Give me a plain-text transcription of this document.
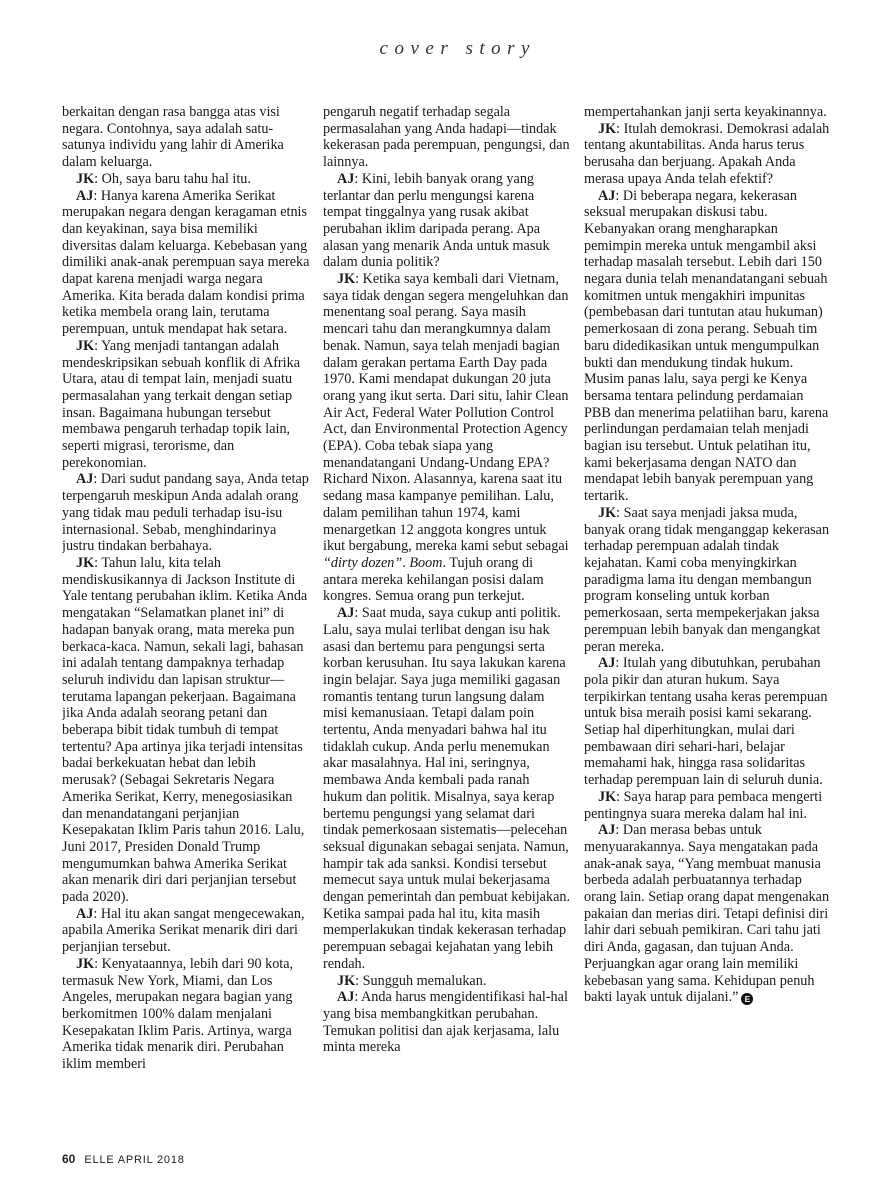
cover story

berkaitan dengan rasa bangga atas visi negara. Contohnya, saya adalah satu-satunya individu yang lahir di Amerika dalam keluarga.

JK: Oh, saya baru tahu hal itu.

AJ: Hanya karena Amerika Serikat merupakan negara dengan keragaman etnis dan keyakinan, saya bisa memiliki diversitas dalam keluarga. Kebebasan yang dimiliki anak-anak perempuan saya mereka dapat karena menjadi warga negara Amerika. Kita berada dalam kondisi prima ketika membela orang lain, terutama perempuan, untuk mendapat hak setara.

JK: Yang menjadi tantangan adalah mendeskripsikan sebuah konflik di Afrika Utara, atau di tempat lain, menjadi suatu permasalahan yang terkait dengan setiap insan. Bagaimana hubungan tersebut membawa pengaruh terhadap topik lain, seperti migrasi, terorisme, dan perekonomian.

AJ: Dari sudut pandang saya, Anda tetap terpengaruh meskipun Anda adalah orang yang tidak mau peduli terhadap isu-isu internasional. Sebab, menghindarinya justru tindakan berbahaya.

JK: Tahun lalu, kita telah mendiskusikannya di Jackson Institute di Yale tentang perubahan iklim. Ketika Anda mengatakan “Selamatkan planet ini” di hadapan banyak orang, mata mereka pun berkaca-kaca. Namun, sekali lagi, bahasan ini adalah tentang dampaknya terhadap seluruh individu dan lapisan struktur—terutama lapangan pekerjaan. Bagaimana jika Anda adalah seorang petani dan beberapa bibit tidak tumbuh di tempat tertentu? Apa artinya jika terjadi intensitas badai berkekuatan hebat dan lebih merusak? (Sebagai Sekretaris Negara Amerika Serikat, Kerry, menegosiasikan dan menandatangani perjanjian Kesepakatan Iklim Paris tahun 2016. Lalu, Juni 2017, Presiden Donald Trump mengumumkan bahwa Amerika Serikat akan menarik diri dari perjanjian tersebut pada 2020).

AJ: Hal itu akan sangat mengecewakan, apabila Amerika Serikat menarik diri dari perjanjian tersebut.

JK: Kenyataannya, lebih dari 90 kota, termasuk New York, Miami, dan Los Angeles, merupakan negara bagian yang berkomitmen 100% dalam menjalani Kesepakatan Iklim Paris. Artinya, warga Amerika tidak menarik diri. Perubahan iklim memberi

pengaruh negatif terhadap segala permasalahan yang Anda hadapi—tindak kekerasan pada perempuan, pengungsi, dan lainnya.

AJ: Kini, lebih banyak orang yang terlantar dan perlu mengungsi karena tempat tinggalnya yang rusak akibat perubahan iklim daripada perang. Apa alasan yang menarik Anda untuk masuk dalam dunia politik?

JK: Ketika saya kembali dari Vietnam, saya tidak dengan segera mengeluhkan dan menentang soal perang. Saya masih mencari tahu dan merangkumnya dalam benak. Namun, saya telah menjadi bagian dalam gerakan pertama Earth Day pada 1970. Kami mendapat dukungan 20 juta orang yang ikut serta. Dari situ, lahir Clean Air Act, Federal Water Pollution Control Act, dan Environmental Protection Agency (EPA). Coba tebak siapa yang menandatangani Undang-Undang EPA? Richard Nixon. Alasannya, karena saat itu sedang masa kampanye pemilihan. Lalu, dalam pemilihan tahun 1974, kami menargetkan 12 anggota kongres untuk ikut bergabung, mereka kami sebut sebagai “dirty dozen”. Boom. Tujuh orang di antara mereka kehilangan posisi dalam kongres. Semua orang pun terkejut.

AJ: Saat muda, saya cukup anti politik. Lalu, saya mulai terlibat dengan isu hak asasi dan bertemu para pengungsi serta korban kerusuhan. Itu saya lakukan karena ingin belajar. Saya juga memiliki gagasan romantis tentang turun langsung dalam misi kemanusiaan. Tetapi dalam poin tertentu, Anda menyadari bahwa hal itu tidaklah cukup. Anda perlu menemukan akar masalahnya. Hal ini, seringnya, membawa Anda kembali pada ranah hukum dan politik. Misalnya, saya kerap bertemu pengungsi yang selamat dari tindak pemerkosaan sistematis—pelecehan seksual digunakan sebagai senjata. Namun, hampir tak ada sanksi. Kondisi tersebut memecut saya untuk mulai bekerjasama dengan pemerintah dan pembuat kebijakan. Ketika sampai pada hal itu, kita masih memperlakukan tindak kekerasan terhadap perempuan sebagai kejahatan yang lebih rendah.

JK: Sungguh memalukan.

AJ: Anda harus mengidentifikasi hal-hal yang bisa membangkitkan perubahan. Temukan politisi dan ajak kerjasama, lalu minta mereka

mempertahankan janji serta keyakinannya.

JK: Itulah demokrasi. Demokrasi adalah tentang akuntabilitas. Anda harus terus berusaha dan berjuang. Apakah Anda merasa upaya Anda telah efektif?

AJ: Di beberapa negara, kekerasan seksual merupakan diskusi tabu. Kebanyakan orang mengharapkan pemimpin mereka untuk mengambil aksi terhadap masalah tersebut. Lebih dari 150 negara dunia telah menandatangani sebuah komitmen untuk mengakhiri impunitas (pembebasan dari tuntutan atau hukuman) pemerkosaan di zona perang. Sebuah tim baru didedikasikan untuk mengumpulkan bukti dan mendukung tindak hukum. Musim panas lalu, saya pergi ke Kenya bersama tentara pelindung perdamaian PBB dan menerima pelatiihan baru, karena perlindungan perdamaian telah menjadi bagian isu tersebut. Untuk pelatihan itu, kami bekerjasama dengan NATO dan mendapat lebih banyak perempuan yang tertarik.

JK: Saat saya menjadi jaksa muda, banyak orang tidak menganggap kekerasan terhadap perempuan adalah tindak kejahatan. Kami coba menyingkirkan paradigma lama itu dengan membangun program konseling untuk korban pemerkosaan, serta mempekerjakan jaksa perempuan lebih banyak dan mengangkat peran mereka.

AJ: Itulah yang dibutuhkan, perubahan pola pikir dan aturan hukum. Saya terpikirkan tentang usaha keras perempuan untuk bisa meraih posisi kami sekarang. Setiap hal diperhitungkan, mulai dari pembawaan diri sehari-hari, belajar memahami hak, hingga rasa solidaritas terhadap perempuan lain di seluruh dunia.

JK: Saya harap para pembaca mengerti pentingnya suara mereka dalam hal ini.

AJ: Dan merasa bebas untuk menyuarakannya. Saya mengatakan pada anak-anak saya, “Yang membuat manusia berbeda adalah perbuatannya terhadap orang lain. Setiap orang dapat mengenakan pakaian dan merias diri. Tetapi definisi diri lahir dari sebuah pemikiran. Cari tahu jati diri Anda, gagasan, dan tujuan Anda. Perjuangkan agar orang lain memiliki kebebasan yang sama. Kehidupan penuh bakti layak untuk dijalani.” E

60 ELLE APRIL 2018
